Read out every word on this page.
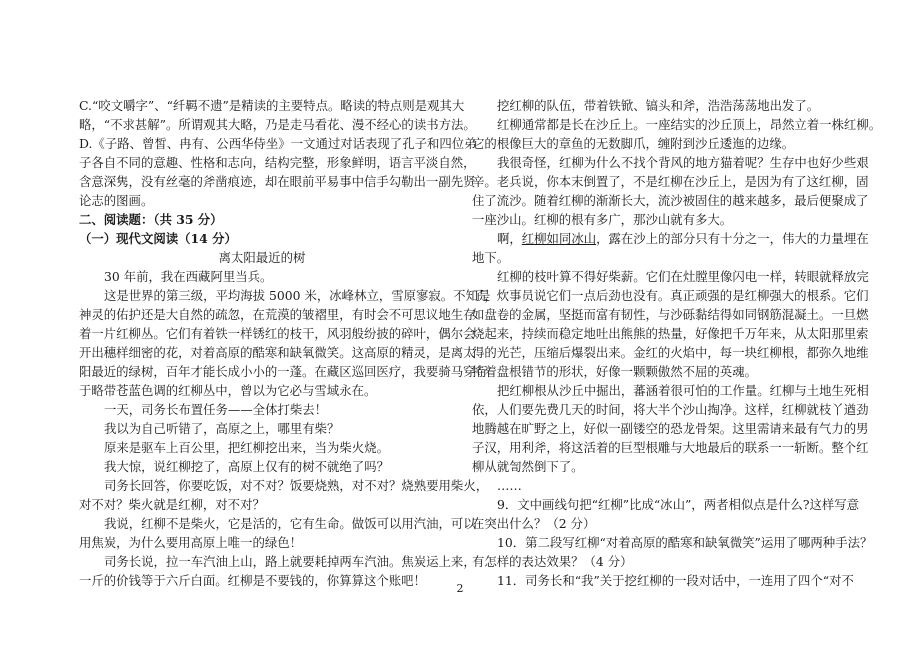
C.“咬文嚼字”、“纤羁不遗”是精读的主要特点。略读的特点则是观其大
略，“不求甚解”。所谓观其大略，乃是走马看花、漫不经心的读书方法。
D.《子路、曾皙、冉有、公西华侍坐》一文通过对话表现了孔子和四位弟
子各自不同的意趣、性格和志向，结构完整，形象鲜明，语言平淡自然，
含意深隽，没有丝毫的斧凿痕迹，却在眼前平易事中信手勾勒出一副先贤
论志的图画。
二、阅读题：（共 35 分）
（一）现代文阅读（14 分）
离太阳最近的树
30 年前，我在西藏阿里当兵。
这是世界的第三级，平均海拔 5000 米，冰峰林立，雪原寥寂。不知是
神灵的佑护还是大自然的疏忽，在荒漠的皱褶里，有时会不可思议地生存
着一片红柳丛。它们有着铁一样锈红的枝干，风羽般纷披的碎叶，偶尔会
开出穗样细密的花，对着高原的酷寒和缺氧微笑。这高原的精灵，是离太
阳最近的绿树，百年才能长成小小的一蓬。在藏区巡回医疗，我要骑马穿行
于略带苍蓝色调的红柳丛中，曾以为它必与雪域永在。
一天，司务长布置任务——全体打柴去！
我以为自己听错了，高原之上，哪里有柴？
原来是驱车上百公里，把红柳挖出来，当为柴火烧。
我大惊，说红柳挖了，高原上仅有的树不就绝了吗？
司务长回答，你要吃饭，对不对？饭要烧熟，对不对？烧熟要用柴火，
对不对？柴火就是红柳，对不对？
我说，红柳不是柴火，它是活的，它有生命。做饭可以用汽油，可以
用焦炭，为什么要用高原上唯一的绿色！
司务长说，拉一车汽油上山，路上就要耗掉两车汽油。焦炭运上来，
一斤的价钱等于六斤白面。红柳是不要钱的，你算算这个账吧！
挖红柳的队伍，带着铁锨、镐头和斧，浩浩荡荡地出发了。
红柳通常都是长在沙丘上。一座结实的沙丘顶上，昂然立着一株红柳。
它的根像巨大的章鱼的无数脚爪，缠附到沙丘逶迤的边缘。
我很奇怪，红柳为什么不找个背风的地方猫着呢？生存中也好少些艰
辛。老兵说，你本末倒置了，不是红柳在沙丘上，是因为有了这红柳，固
住了流沙。随着红柳的渐渐长大，流沙被固住的越来越多，最后便聚成了
一座沙山。红柳的根有多广，那沙山就有多大。
啊，红柳如同冰山，露在沙上的部分只有十分之一，伟大的力量埋在
地下。
红柳的枝叶算不得好柴薪。它们在灶膛里像闪电一样，转眼就释放完
了，炊事员说它们一点后劲也没有。真正顽强的是红柳强大的根系。它们
如盘卷的金属，坚挺而富有韧性，与沙砾黏结得如同钢筋混凝土。一旦燃
烧起来，持续而稳定地吐出熊熊的热量，好像把千万年来，从太阳那里索
得的光芒，压缩后爆裂出来。金红的火焰中，每一块红柳根，都弥久地维
持着盘根错节的形状，好像一颗颗傲然不屈的英魂。
把红柳根从沙丘中掘出，蕃涵着很可怕的工作量。红柳与土地生死相
依，人们要先费几天的时间，将大半个沙山掏净。这样，红柳就枝丫遒劲
地腾越在旷野之上，好似一副镂空的恐龙骨架。这里需请来最有气力的男
子汉，用利斧，将这活着的巨型根雕与大地最后的联系一一斩断。整个红
柳从就訇然倒下了。
……
9．文中画线句把“红柳”比成“冰山”，两者相似点是什么?这样写意
在突出什么？（2 分）
10．第二段写红柳“对着高原的酷寒和缺氧微笑”运用了哪两种手法？
有怎样的表达效果？（4 分）
11．司务长和“我”关于挖红柳的一段对话中，一连用了四个“对不
2
